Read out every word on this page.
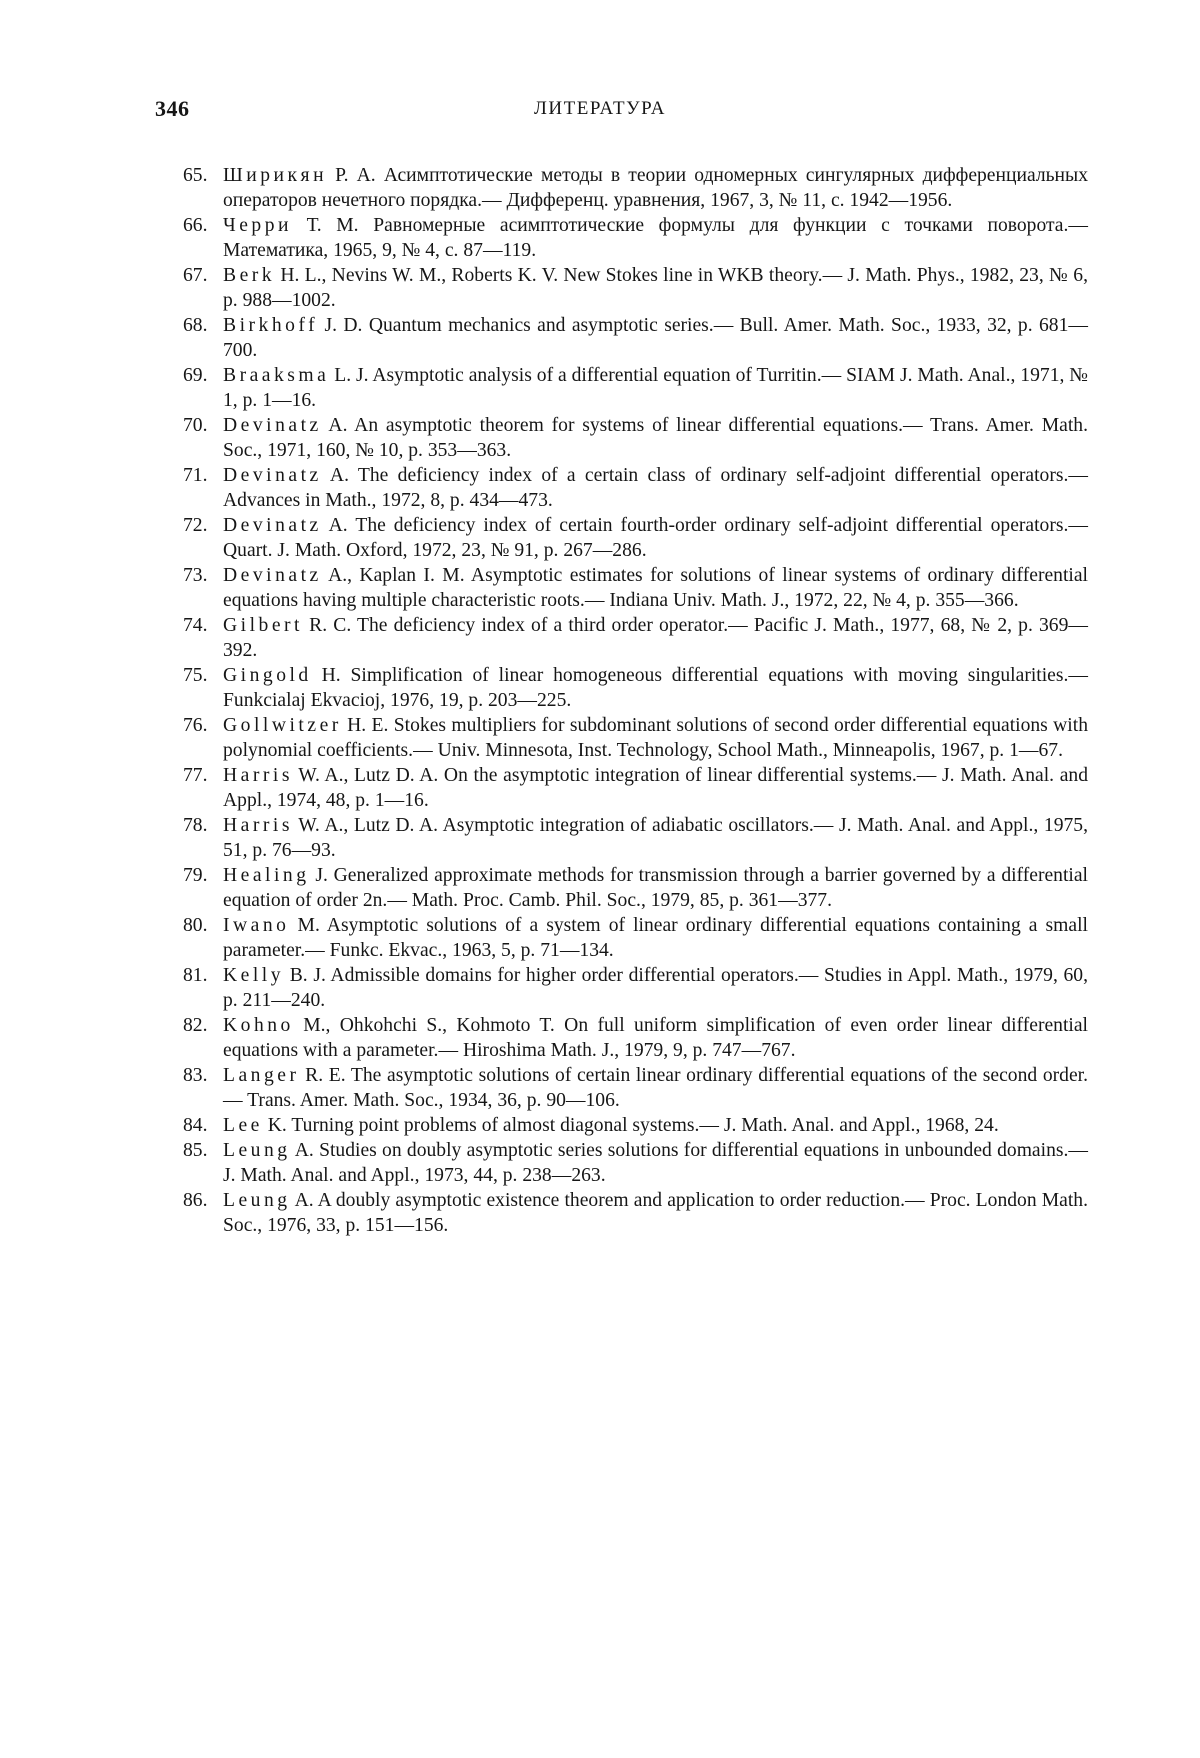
346	ЛИТЕРАТУРА
65. Ширикян Р. А. Асимптотические методы в теории одномерных сингулярных дифференциальных операторов нечетного порядка.— Дифференц. уравнения, 1967, 3, № 11, с. 1942—1956.
66. Черри Т. М. Равномерные асимптотические формулы для функции с точками поворота.— Математика, 1965, 9, № 4, с. 87—119.
67. Berk H. L., Nevins W. M., Roberts K. V. New Stokes line in WKB theory.— J. Math. Phys., 1982, 23, № 6, p. 988—1002.
68. Birkhoff J. D. Quantum mechanics and asymptotic series.— Bull. Amer. Math. Soc., 1933, 32, p. 681—700.
69. Braaksma L. J. Asymptotic analysis of a differential equation of Turritin.— SIAM J. Math. Anal., 1971, № 1, p. 1—16.
70. Devinatz A. An asymptotic theorem for systems of linear differential equations.— Trans. Amer. Math. Soc., 1971, 160, № 10, p. 353—363.
71. Devinatz A. The deficiency index of a certain class of ordinary self-adjoint differential operators.— Advances in Math., 1972, 8, p. 434—473.
72. Devinatz A. The deficiency index of certain fourth-order ordinary self-adjoint differential operators.— Quart. J. Math. Oxford, 1972, 23, № 91, p. 267—286.
73. Devinatz A., Kaplan I. M. Asymptotic estimates for solutions of linear systems of ordinary differential equations having multiple characteristic roots.— Indiana Univ. Math. J., 1972, 22, № 4, p. 355—366.
74. Gilbert R. C. The deficiency index of a third order operator.— Pacific J. Math., 1977, 68, № 2, p. 369—392.
75. Gingold H. Simplification of linear homogeneous differential equations with moving singularities.— Funkcialaj Ekvacioj, 1976, 19, p. 203—225.
76. Gollwitzer H. E. Stokes multipliers for subdominant solutions of second order differential equations with polynomial coefficients.— Univ. Minnesota, Inst. Technology, School Math., Minneapolis, 1967, p. 1—67.
77. Harris W. A., Lutz D. A. On the asymptotic integration of linear differential systems.— J. Math. Anal. and Appl., 1974, 48, p. 1—16.
78. Harris W. A., Lutz D. A. Asymptotic integration of adiabatic oscillators.— J. Math. Anal. and Appl., 1975, 51, p. 76—93.
79. Healing J. Generalized approximate methods for transmission through a barrier governed by a differential equation of order 2n.— Math. Proc. Camb. Phil. Soc., 1979, 85, p. 361—377.
80. Iwano M. Asymptotic solutions of a system of linear ordinary differential equations containing a small parameter.— Funkc. Ekvac., 1963, 5, p. 71—134.
81. Kelly B. J. Admissible domains for higher order differential operators.— Studies in Appl. Math., 1979, 60, p. 211—240.
82. Kohno M., Ohkohchi S., Kohmoto T. On full uniform simplification of even order linear differential equations with a parameter.— Hiroshima Math. J., 1979, 9, p. 747—767.
83. Langer R. E. The asymptotic solutions of certain linear ordinary differential equations of the second order.— Trans. Amer. Math. Soc., 1934, 36, p. 90—106.
84. Lee K. Turning point problems of almost diagonal systems.— J. Math. Anal. and Appl., 1968, 24.
85. Leung A. Studies on doubly asymptotic series solutions for differential equations in unbounded domains.— J. Math. Anal. and Appl., 1973, 44, p. 238—263.
86. Leung A. A doubly asymptotic existence theorem and application to order reduction.— Proc. London Math. Soc., 1976, 33, p. 151—156.
